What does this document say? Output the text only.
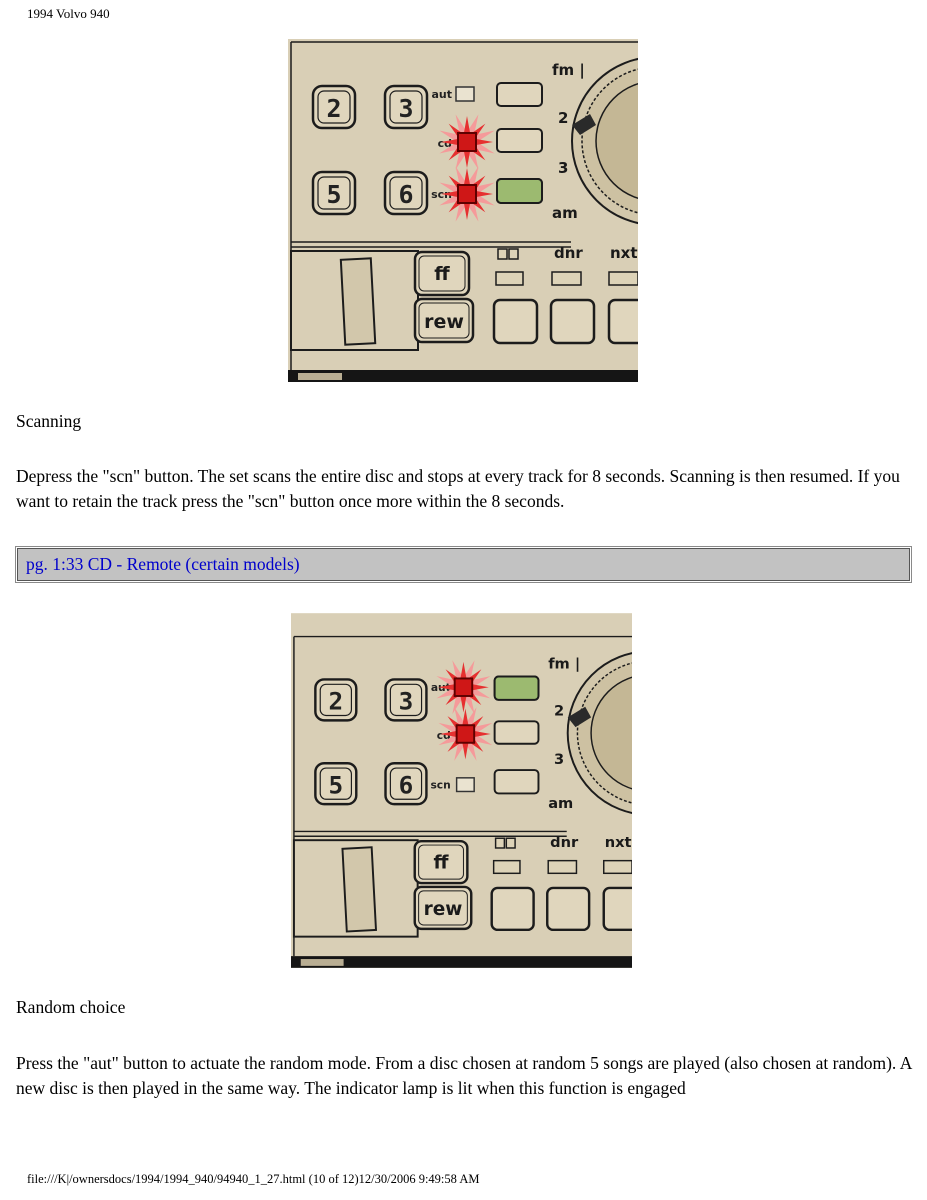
1994 Volvo 940
Scanning
Depress the "scn" button. The set scans the entire disc and stops at every track for 8 seconds. Scanning is then resumed. If you want to retain the track press the "scn" button once more within the 8 seconds.
pg. 1:33 CD - Remote (certain models)
Random choice
Press the "aut" button to actuate the random mode. From a disc chosen at random 5 songs are played (also chosen at random). A new disc is then played in the same way. The indicator lamp is lit when this function is engaged
file:///K|/ownersdocs/1994/1994_940/94940_1_27.html (10 of 12)12/30/2006 9:49:58 AM
